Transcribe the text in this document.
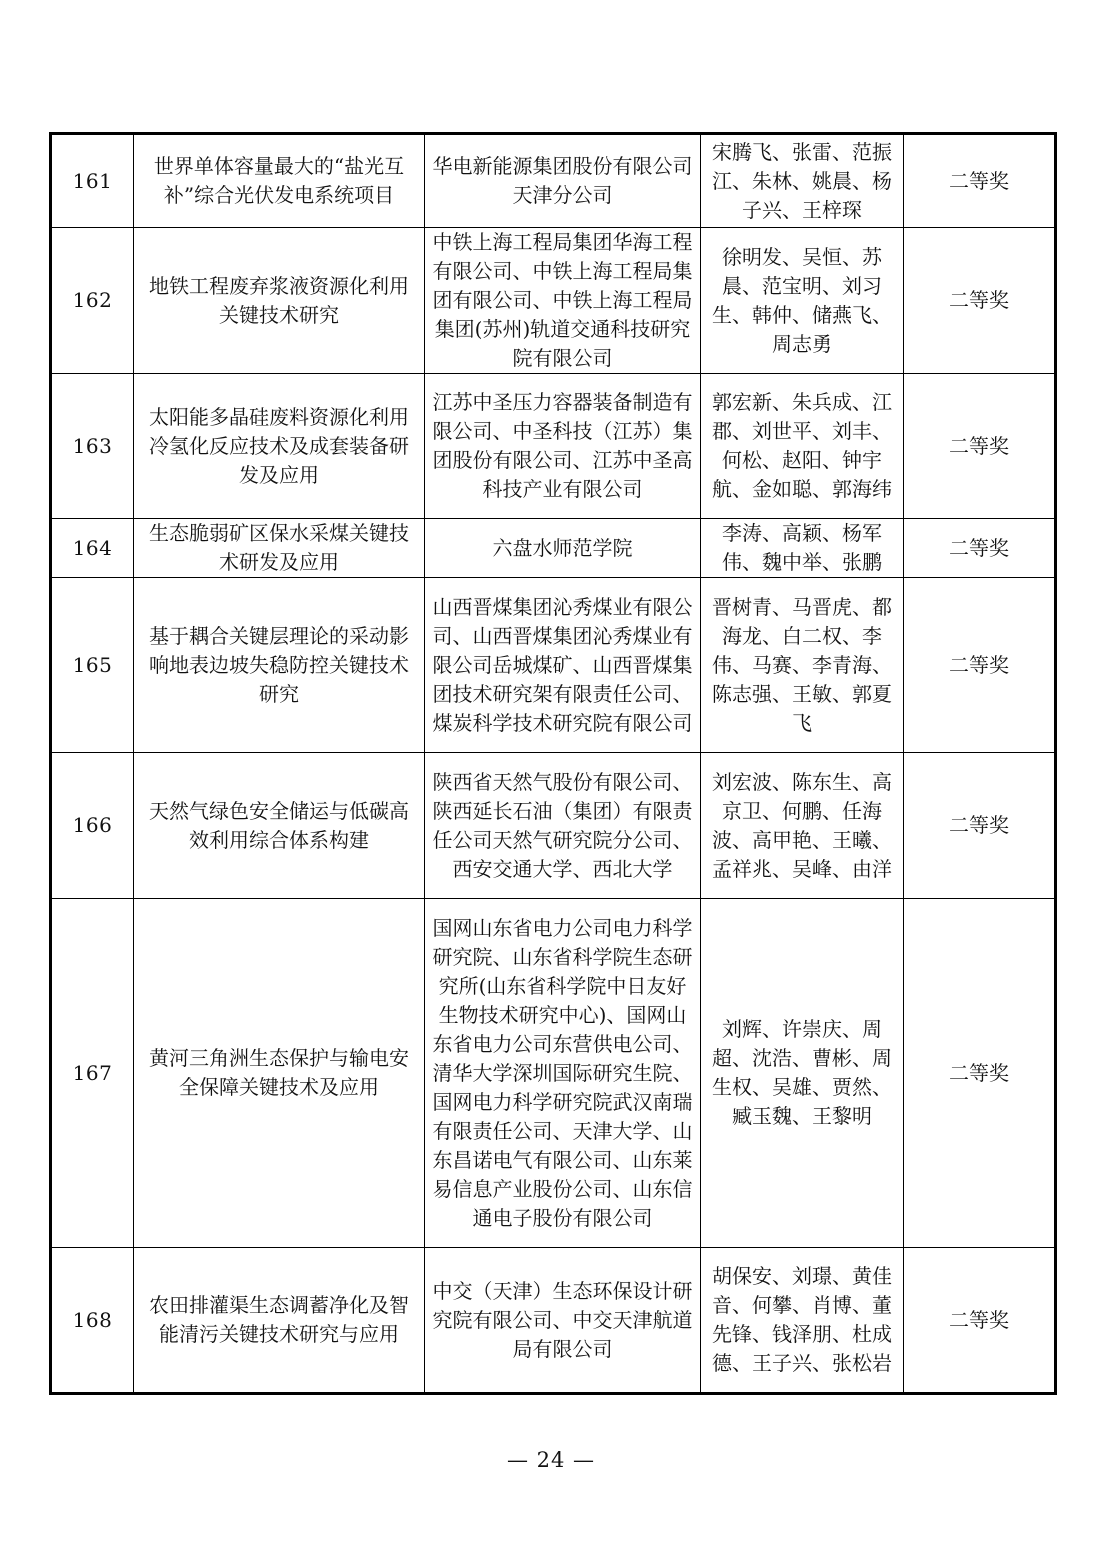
161	世界单体容量最大的“盐光互补”综合光伏发电系统项目	华电新能源集团股份有限公司天津分公司	宋腾飞、张雷、范振江、朱林、姚晨、杨子兴、王梓琛	二等奖
162	地铁工程废弃浆液资源化利用关键技术研究	中铁上海工程局集团华海工程有限公司、中铁上海工程局集团有限公司、中铁上海工程局集团(苏州)轨道交通科技研究院有限公司	徐明发、吴恒、苏晨、范宝明、刘习生、韩仲、储燕飞、周志勇	二等奖
163	太阳能多晶硅废料资源化利用冷氢化反应技术及成套装备研发及应用	江苏中圣压力容器装备制造有限公司、中圣科技（江苏）集团股份有限公司、江苏中圣高科技产业有限公司	郭宏新、朱兵成、江郡、刘世平、刘丰、何松、赵阳、钟宇航、金如聪、郭海纬	二等奖
164	生态脆弱矿区保水采煤关键技术研发及应用	六盘水师范学院	李涛、高颖、杨军伟、魏中举、张鹏	二等奖
165	基于耦合关键层理论的采动影响地表边坡失稳防控关键技术研究	山西晋煤集团沁秀煤业有限公司、山西晋煤集团沁秀煤业有限公司岳城煤矿、山西晋煤集团技术研究架有限责任公司、煤炭科学技术研究院有限公司	晋树青、马晋虎、都海龙、白二权、李伟、马赛、李青海、陈志强、王敏、郭夏飞	二等奖
166	天然气绿色安全储运与低碳高效利用综合体系构建	陕西省天然气股份有限公司、陕西延长石油（集团）有限责任公司天然气研究院分公司、西安交通大学、西北大学	刘宏波、陈东生、高京卫、何鹏、任海波、高甲艳、王曦、孟祥兆、吴峰、由洋	二等奖
167	黄河三角洲生态保护与输电安全保障关键技术及应用	国网山东省电力公司电力科学研究院、山东省科学院生态研究所(山东省科学院中日友好生物技术研究中心)、国网山东省电力公司东营供电公司、清华大学深圳国际研究生院、国网电力科学研究院武汉南瑞有限责任公司、天津大学、山东昌诺电气有限公司、山东莱易信息产业股份公司、山东信通电子股份有限公司	刘辉、许崇庆、周超、沈浩、曹彬、周生权、吴雄、贾然、臧玉魏、王黎明	二等奖
168	农田排灌渠生态调蓄净化及智能清污关键技术研究与应用	中交（天津）生态环保设计研究院有限公司、中交天津航道局有限公司	胡保安、刘璟、黄佳音、何攀、肖博、董先锋、钱泽朋、杜成德、王子兴、张松岩	二等奖
— 24 —
